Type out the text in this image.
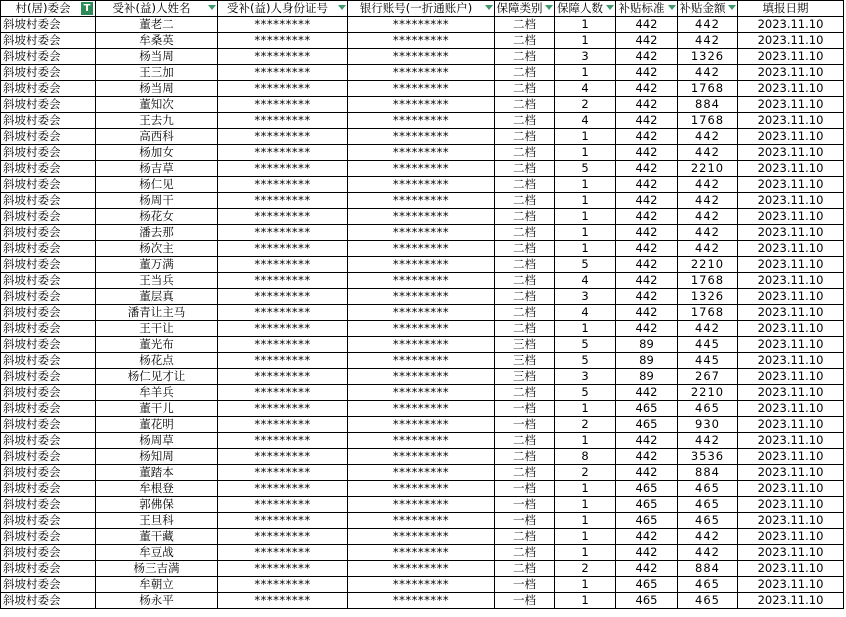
村(居)委会 T	受补(益)人姓名	受补(益)人身份证号	银行账号(一折通账户)	保障类别	保障人数	补贴标准	补贴金额	填报日期

斜坡村委会	董老二	*********	*********	二档	1	442	442	2023.11.10
斜坡村委会	牟桑英	*********	*********	二档	1	442	442	2023.11.10
斜坡村委会	杨当周	*********	*********	二档	3	442	1326	2023.11.10
斜坡村委会	王三加	*********	*********	二档	1	442	442	2023.11.10
斜坡村委会	杨当周	*********	*********	二档	4	442	1768	2023.11.10
斜坡村委会	董知次	*********	*********	二档	2	442	884	2023.11.10
斜坡村委会	王去九	*********	*********	二档	4	442	1768	2023.11.10
斜坡村委会	高西科	*********	*********	二档	1	442	442	2023.11.10
斜坡村委会	杨加女	*********	*********	二档	1	442	442	2023.11.10
斜坡村委会	杨吉草	*********	*********	二档	5	442	2210	2023.11.10
斜坡村委会	杨仁见	*********	*********	二档	1	442	442	2023.11.10
斜坡村委会	杨周干	*********	*********	二档	1	442	442	2023.11.10
斜坡村委会	杨花女	*********	*********	二档	1	442	442	2023.11.10
斜坡村委会	潘去那	*********	*********	二档	1	442	442	2023.11.10
斜坡村委会	杨次主	*********	*********	二档	1	442	442	2023.11.10
斜坡村委会	董万满	*********	*********	二档	5	442	2210	2023.11.10
斜坡村委会	王当兵	*********	*********	二档	4	442	1768	2023.11.10
斜坡村委会	董层真	*********	*********	二档	3	442	1326	2023.11.10
斜坡村委会	潘青让主马	*********	*********	二档	4	442	1768	2023.11.10
斜坡村委会	王干让	*********	*********	二档	1	442	442	2023.11.10
斜坡村委会	董光布	*********	*********	三档	5	89	445	2023.11.10
斜坡村委会	杨花点	*********	*********	三档	5	89	445	2023.11.10
斜坡村委会	杨仁见才让	*********	*********	三档	3	89	267	2023.11.10
斜坡村委会	牟羊兵	*********	*********	二档	5	442	2210	2023.11.10
斜坡村委会	董干儿	*********	*********	一档	1	465	465	2023.11.10
斜坡村委会	董花明	*********	*********	一档	2	465	930	2023.11.10
斜坡村委会	杨周草	*********	*********	二档	1	442	442	2023.11.10
斜坡村委会	杨知周	*********	*********	二档	8	442	3536	2023.11.10
斜坡村委会	董踏本	*********	*********	二档	2	442	884	2023.11.10
斜坡村委会	牟根登	*********	*********	一档	1	465	465	2023.11.10
斜坡村委会	郭佛保	*********	*********	一档	1	465	465	2023.11.10
斜坡村委会	王旦科	*********	*********	一档	1	465	465	2023.11.10
斜坡村委会	董干藏	*********	*********	二档	1	442	442	2023.11.10
斜坡村委会	牟豆战	*********	*********	二档	1	442	442	2023.11.10
斜坡村委会	杨三吉满	*********	*********	二档	2	442	884	2023.11.10
斜坡村委会	牟朝立	*********	*********	一档	1	465	465	2023.11.10
斜坡村委会	杨永平	*********	*********	一档	1	465	465	2023.11.10
